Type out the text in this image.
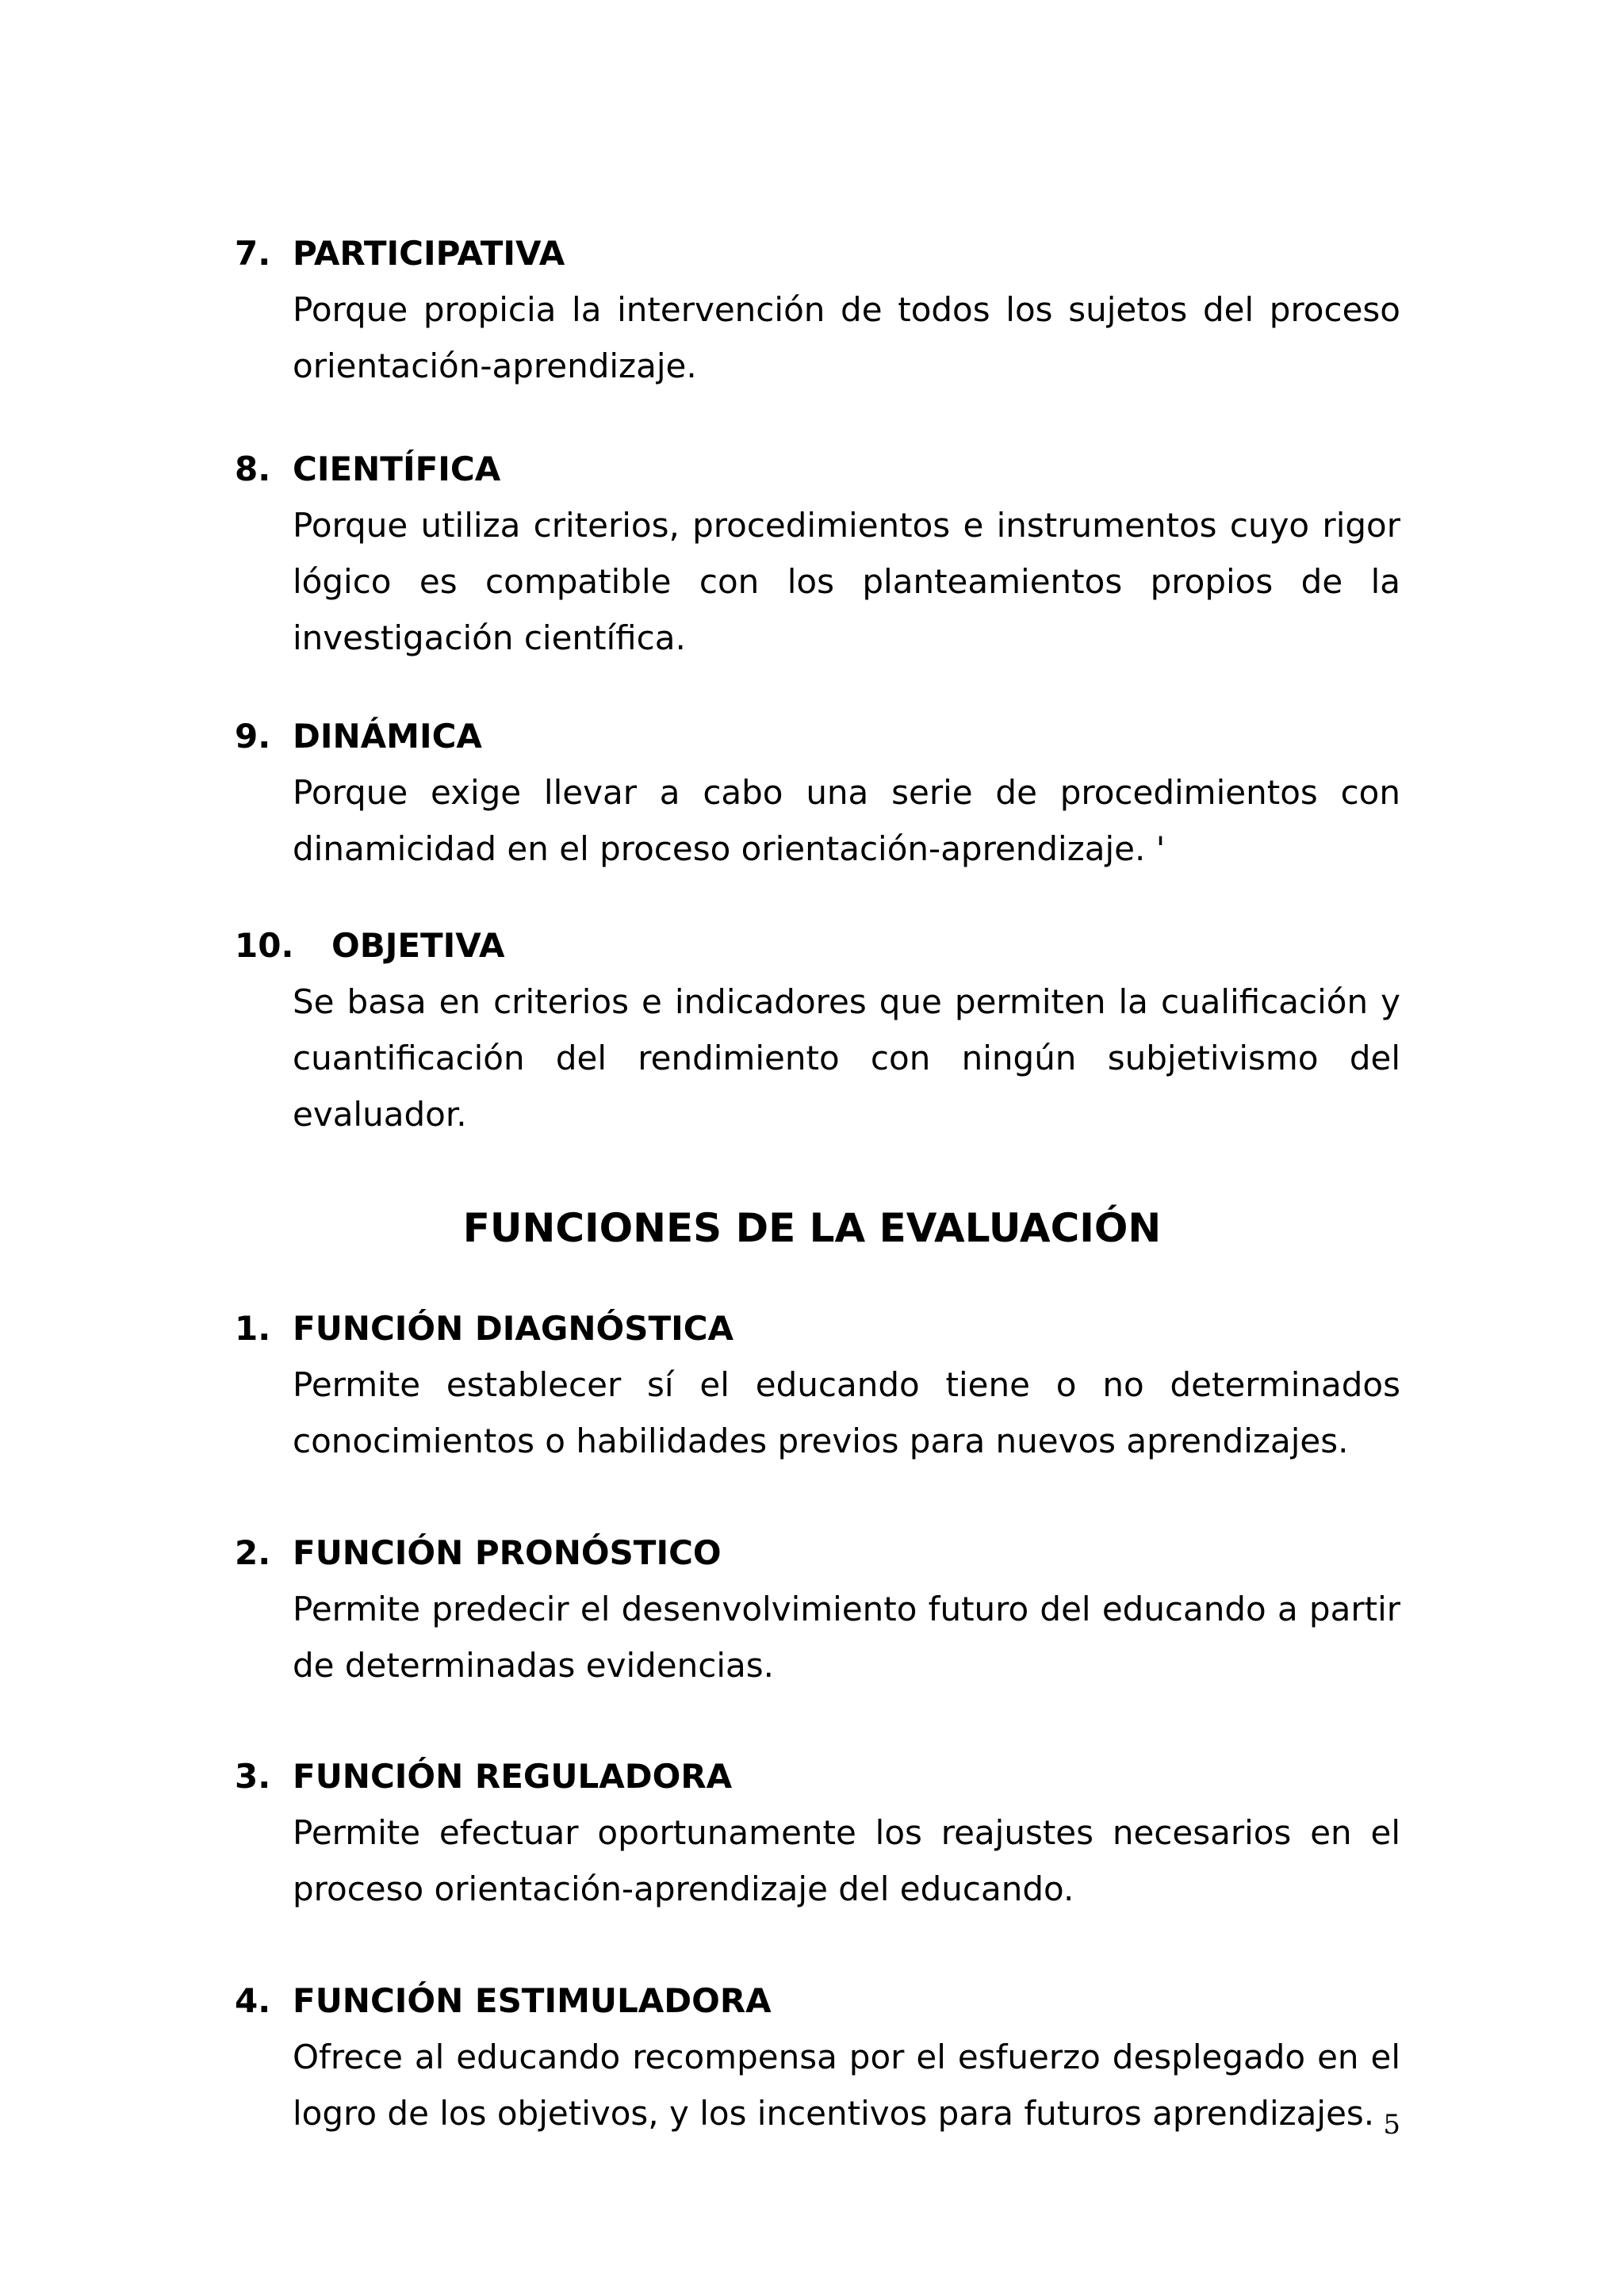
7. PARTICIPATIVA
Porque propicia la intervención de todos los sujetos del proceso orientación-aprendizaje.
8. CIENTÍFICA
Porque utiliza criterios, procedimientos e instrumentos cuyo rigor lógico es compatible con los planteamientos propios de la investigación científica.
9. DINÁMICA
Porque exige llevar a cabo una serie de procedimientos con dinamicidad en el proceso orientación-aprendizaje. '
10. OBJETIVA
Se basa en criterios e indicadores que permiten la cualificación y cuantificación del rendimiento con ningún subjetivismo del evaluador.
FUNCIONES DE LA EVALUACIÓN
1. FUNCIÓN DIAGNÓSTICA
Permite establecer sí el educando tiene o no determinados conocimientos o habilidades previos para nuevos aprendizajes.
2. FUNCIÓN PRONÓSTICO
Permite predecir el desenvolvimiento futuro del educando a partir de determinadas evidencias.
3. FUNCIÓN REGULADORA
Permite efectuar oportunamente los reajustes necesarios en el proceso orientación-aprendizaje del educando.
4. FUNCIÓN ESTIMULADORA
Ofrece al educando recompensa por el esfuerzo desplegado en el logro de los objetivos, y los incentivos para futuros aprendizajes. 5
